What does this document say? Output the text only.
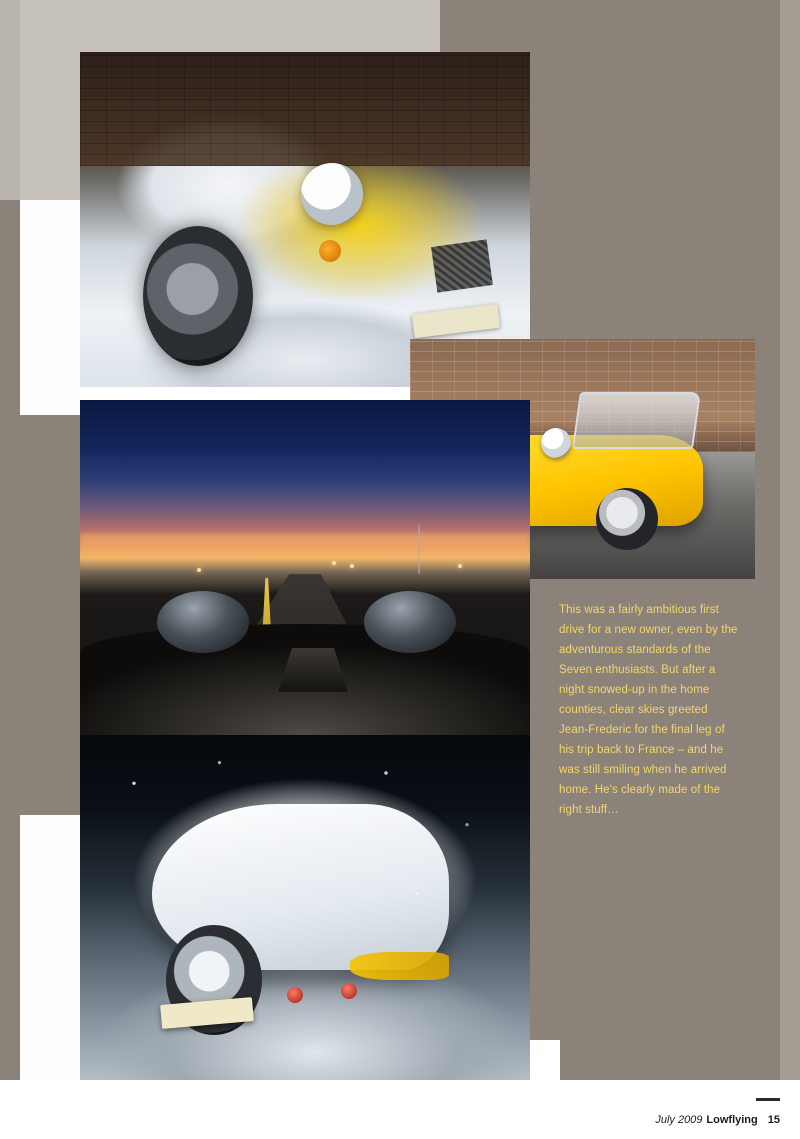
This was a fairly ambitious first drive for a new owner, even by the adventurous standards of the Seven enthusiasts. But after a night snowed-up in the home counties, clear skies greeted Jean-Frederic for the final leg of his trip back to France – and he was still smiling when he arrived home. He's clearly made of the right stuff…

July 2009 Lowflying 15
